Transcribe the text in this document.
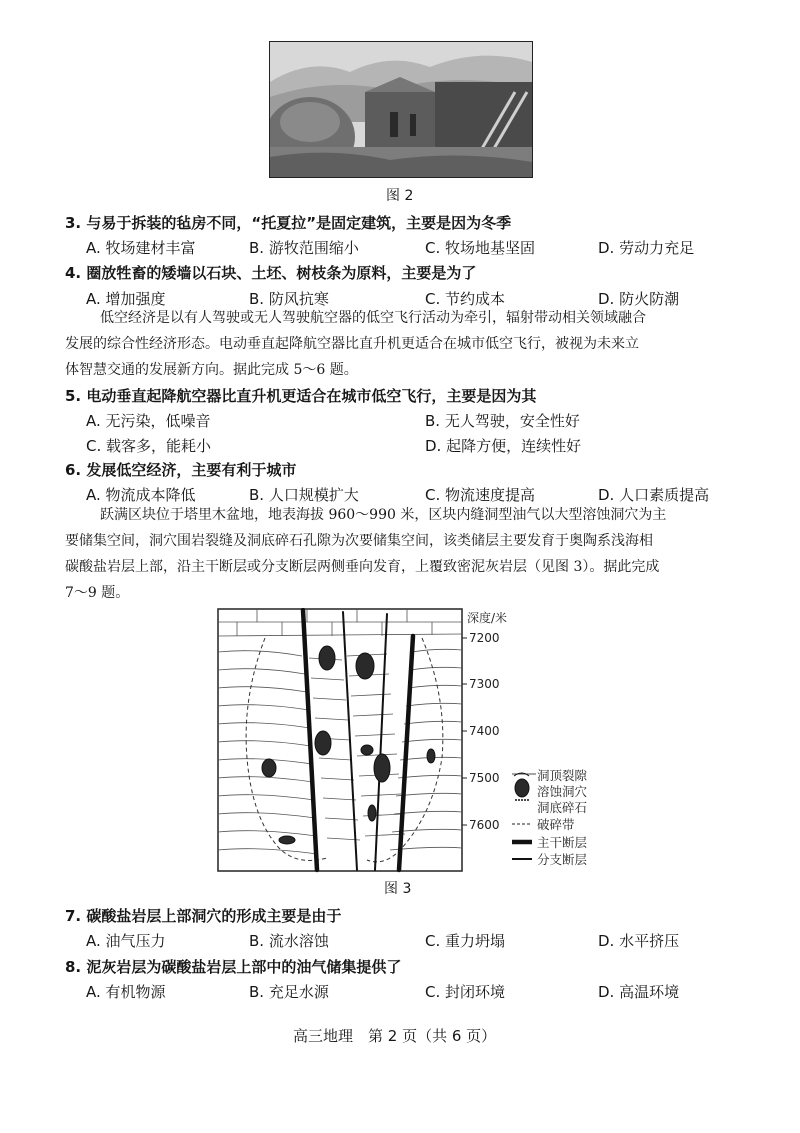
图 2
3. 与易于拆装的毡房不同，“托夏拉”是固定建筑，主要是因为冬季
A. 牧场建材丰富	B. 游牧范围缩小	C. 牧场地基坚固	D. 劳动力充足
4. 圈放牲畜的矮墙以石块、土坯、树枝条为原料，主要是为了
A. 增加强度	B. 防风抗寒	C. 节约成本	D. 防火防潮
低空经济是以有人驾驶或无人驾驶航空器的低空飞行活动为牵引，辐射带动相关领域融合
发展的综合性经济形态。电动垂直起降航空器比直升机更适合在城市低空飞行，被视为未来立
体智慧交通的发展新方向。据此完成 5～6 题。
5. 电动垂直起降航空器比直升机更适合在城市低空飞行，主要是因为其
A. 无污染，低噪音	B. 无人驾驶，安全性好
C. 载客多，能耗小	D. 起降方便，连续性好
6. 发展低空经济，主要有利于城市
A. 物流成本降低	B. 人口规模扩大	C. 物流速度提高	D. 人口素质提高
跃满区块位于塔里木盆地，地表海拔 960～990 米，区块内缝洞型油气以大型溶蚀洞穴为主
要储集空间，洞穴围岩裂缝及洞底碎石孔隙为次要储集空间，该类储层主要发育于奥陶系浅海相
碳酸盐岩层上部，沿主干断层或分支断层两侧垂向发育，上覆致密泥灰岩层（见图 3）。据此完成
7～9 题。
深度/米
7200
7300
7400
7500
7600
洞顶裂隙
溶蚀洞穴
洞底碎石
破碎带
主干断层
分支断层
图 3
7. 碳酸盐岩层上部洞穴的形成主要是由于
A. 油气压力	B. 流水溶蚀	C. 重力坍塌	D. 水平挤压
8. 泥灰岩层为碳酸盐岩层上部中的油气储集提供了
A. 有机物源	B. 充足水源	C. 封闭环境	D. 高温环境
高三地理　第 2 页（共 6 页）
